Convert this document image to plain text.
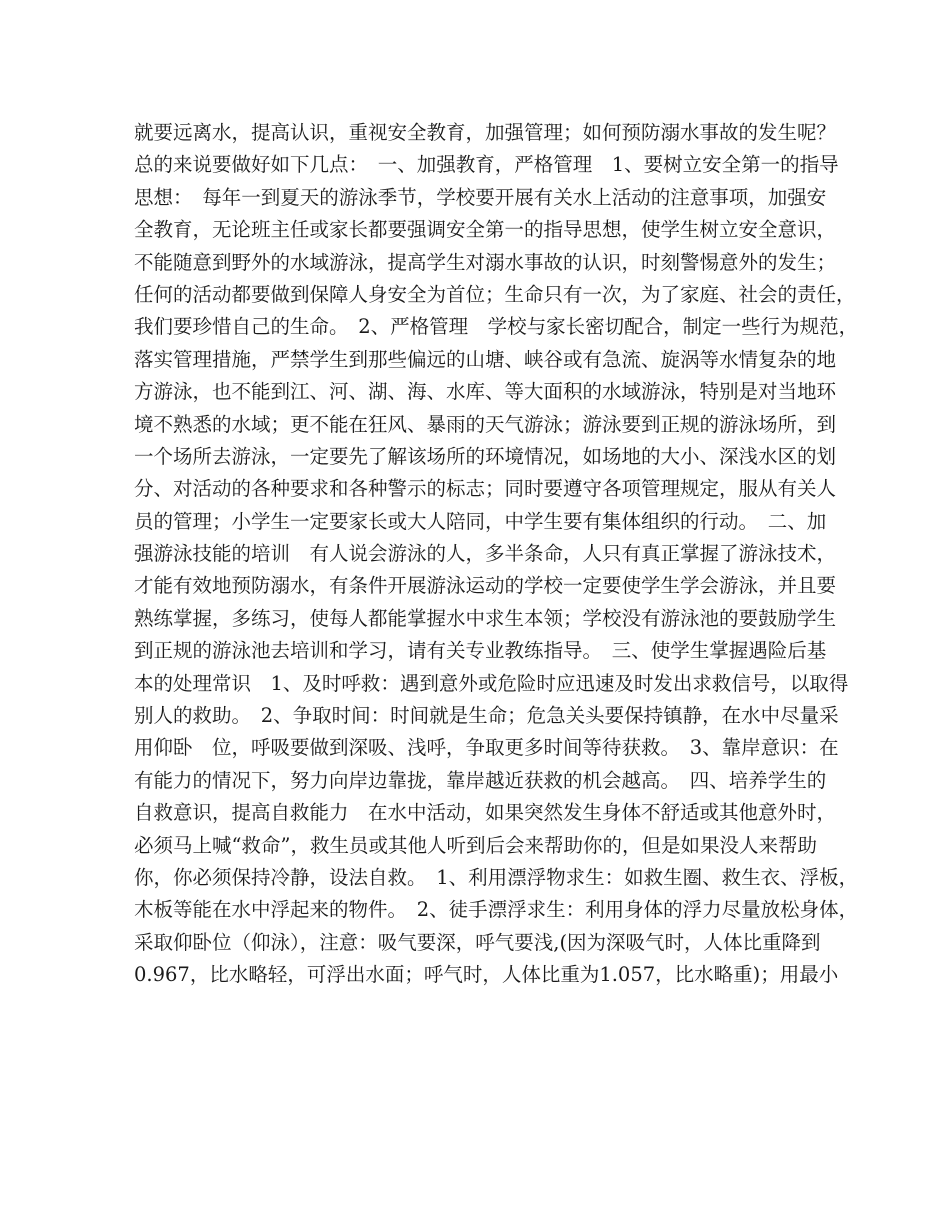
就要远离水，提高认识，重视安全教育，加强管理；如何预防溺水事故的发生呢？
总的来说要做好如下几点：　一、加强教育，严格管理　1、要树立安全第一的指导
思想：　每年一到夏天的游泳季节，学校要开展有关水上活动的注意事项，加强安
全教育，无论班主任或家长都要强调安全第一的指导思想，使学生树立安全意识，
不能随意到野外的水域游泳，提高学生对溺水事故的认识，时刻警惕意外的发生；
任何的活动都要做到保障人身安全为首位；生命只有一次，为了家庭、社会的责任，
我们要珍惜自己的生命。　2、严格管理　学校与家长密切配合，制定一些行为规范，
落实管理措施，严禁学生到那些偏远的山塘、峡谷或有急流、旋涡等水情复杂的地
方游泳，也不能到江、河、湖、海、水库、等大面积的水域游泳，特别是对当地环
境不熟悉的水域；更不能在狂风、暴雨的天气游泳；游泳要到正规的游泳场所，到
一个场所去游泳，一定要先了解该场所的环境情况，如场地的大小、深浅水区的划
分、对活动的各种要求和各种警示的标志；同时要遵守各项管理规定，服从有关人
员的管理；小学生一定要家长或大人陪同，中学生要有集体组织的行动。　二、加
强游泳技能的培训　有人说会游泳的人，多半条命，人只有真正掌握了游泳技术，
才能有效地预防溺水，有条件开展游泳运动的学校一定要使学生学会游泳，并且要
熟练掌握，多练习，使每人都能掌握水中求生本领；学校没有游泳池的要鼓励学生
到正规的游泳池去培训和学习，请有关专业教练指导。　三、使学生掌握遇险后基
本的处理常识　1、及时呼救：遇到意外或危险时应迅速及时发出求救信号，以取得
别人的救助。　2、争取时间：时间就是生命；危急关头要保持镇静，在水中尽量采
用仰卧　位，呼吸要做到深吸、浅呼，争取更多时间等待获救。　3、靠岸意识：在
有能力的情况下，努力向岸边靠拢，靠岸越近获救的机会越高。　四、培养学生的
自救意识，提高自救能力　在水中活动，如果突然发生身体不舒适或其他意外时，
必须马上喊“救命”，救生员或其他人听到后会来帮助你的，但是如果没人来帮助
你，你必须保持冷静，设法自救。　1、利用漂浮物求生：如救生圈、救生衣、浮板，
木板等能在水中浮起来的物件。　2、徒手漂浮求生：利用身体的浮力尽量放松身体，
采取仰卧位（仰泳），注意：吸气要深，呼气要浅,(因为深吸气时，人体比重降到
0.967，比水略轻，可浮出水面；呼气时，人体比重为1.057，比水略重)；用最小
